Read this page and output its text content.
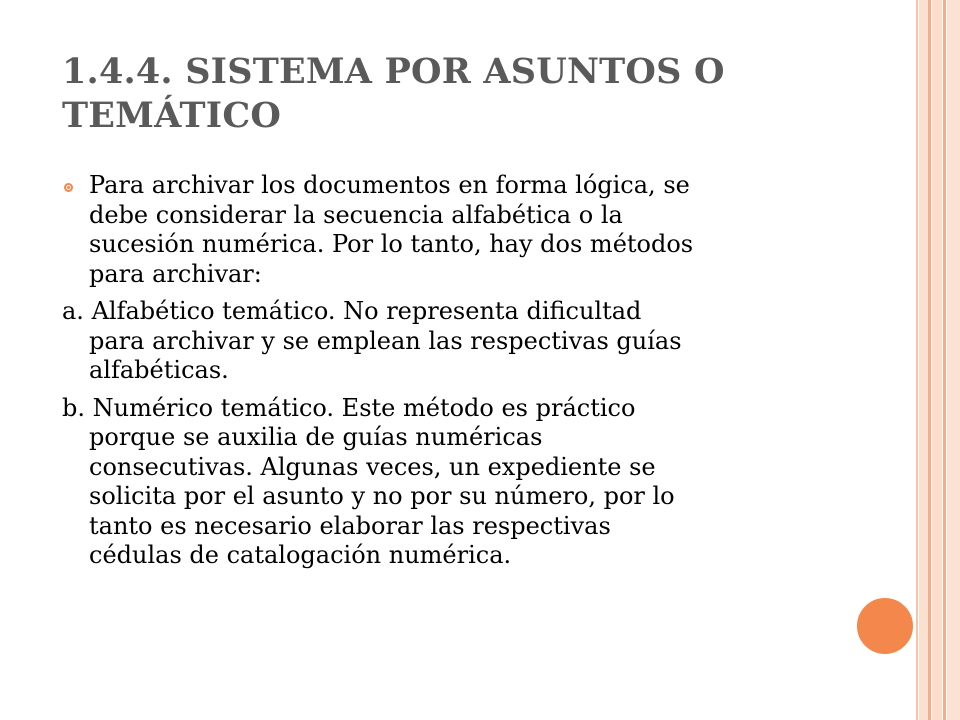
1.4.4. SISTEMA POR ASUNTOS O
TEMÁTICO
Para archivar los documentos en forma lógica, se
debe considerar la secuencia alfabética o la
sucesión numérica. Por lo tanto, hay dos métodos
para archivar:
a. Alfabético temático. No representa dificultad
para archivar y se emplean las respectivas guías
alfabéticas.
b. Numérico temático. Este método es práctico
porque se auxilia de guías numéricas
consecutivas. Algunas veces, un expediente se
solicita por el asunto y no por su número, por lo
tanto es necesario elaborar las respectivas
cédulas de catalogación numérica.
